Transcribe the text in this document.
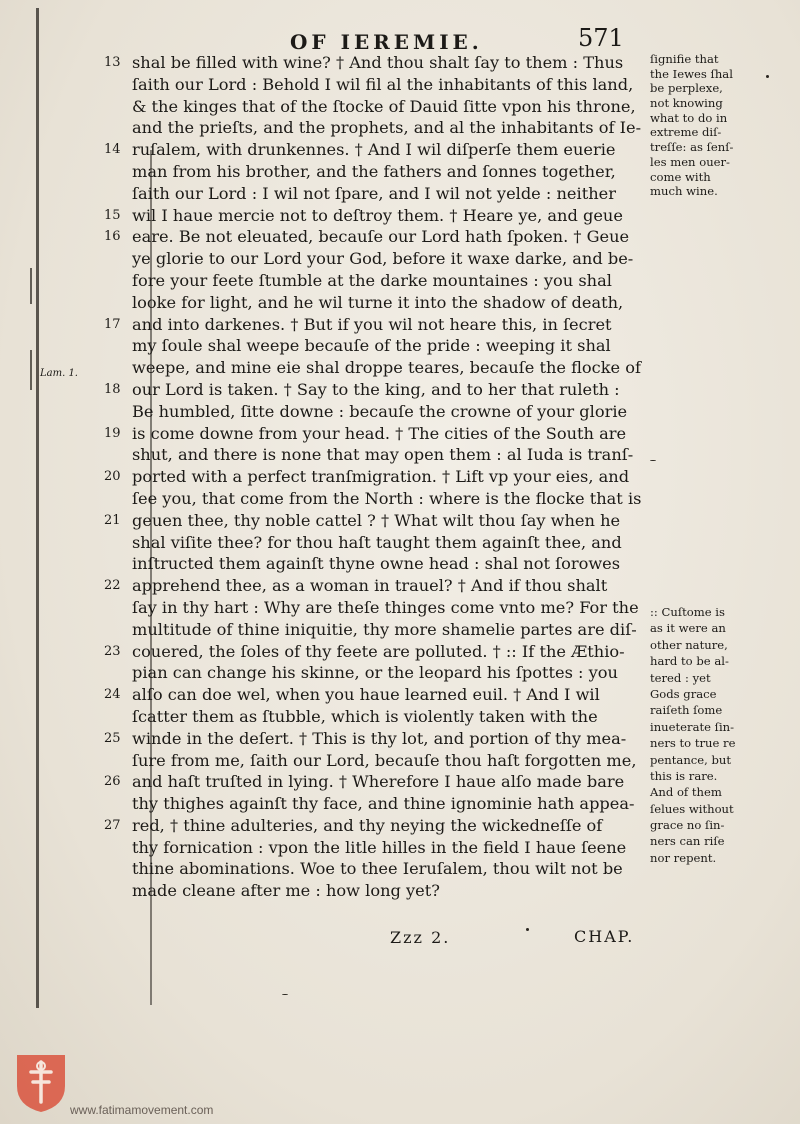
OF IEREMIE.	571
Lam. 1.
13 shal be filled with wine? † And thou shalt ſay to them : Thus
ſaith our Lord : Behold I wil fil al the inhabitants of this land,
& the kinges that of the ſtocke of Dauid ſitte vpon his throne,
and the prieſts, and the prophets, and al the inhabitants of Ie-
14 ruſalem, with drunkennes. † And I wil diſperſe them euerie
man from his brother, and the fathers and ſonnes together,
ſaith our Lord : I wil not ſpare, and I wil not yelde : neither
15 wil I haue mercie not to deſtroy them. † Heare ye, and geue
16 eare. Be not eleuated, becauſe our Lord hath ſpoken. † Geue
ye glorie to our Lord your God, before it waxe darke, and be-
fore your feete ſtumble at the darke mountaines : you shal
looke for light, and he wil turne it into the shadow of death,
17 and into darkenes. † But if you wil not heare this, in ſecret
my ſoule shal weepe becauſe of the pride : weeping it shal
weepe, and mine eie shal droppe teares, becauſe the flocke of
18 our Lord is taken. † Say to the king, and to her that ruleth :
Be humbled, ſitte downe : becauſe the crowne of your glorie
19 is come downe from your head. † The cities of the South are
shut, and there is none that may open them : al Iuda is tranſ-
20 ported with a perfect tranſmigration. † Lift vp your eies, and
ſee you, that come from the North : where is the flocke that is
21 geuen thee, thy noble cattel ? † What wilt thou ſay when he
shal viſite thee? for thou haſt taught them againſt thee, and
inſtructed them againſt thyne owne head : shal not ſorowes
22 apprehend thee, as a woman in trauel? † And if thou shalt
ſay in thy hart : Why are theſe thinges come vnto me? For the
multitude of thine iniquitie, thy more shamelie partes are diſ-
23 couered, the ſoles of thy feete are polluted. † :: If the Æthio-
pian can change his skinne, or the leopard his ſpottes : you
24 alſo can doe wel, when you haue learned euil. † And I wil
ſcatter them as ſtubble, which is violently taken with the
25 winde in the deſert. † This is thy lot, and portion of thy mea-
ſure from me, ſaith our Lord, becauſe thou haſt forgotten me,
26 and haſt truſted in lying. † Wherefore I haue alſo made bare
thy thighes againſt thy face, and thine ignominie hath appea-
27 red, † thine adulteries, and thy neying the wickedneſſe of
thy fornication : vpon the litle hilles in the field I haue ſeene
thine abominations. Woe to thee Ieruſalem, thou wilt not be
made cleane after me : how long yet?
ſignifie that
the Iewes ſhal
be perplexe,
not knowing
what to do in
extreme diſ-
treſſe: as ſenſ-
les men ouer-
come with
much wine.
:: Cuſtome is
as it were an
other nature,
hard to be al-
tered : yet
Gods grace
raiſeth ſome
inueterate ſin-
ners to true re
pentance, but
this is rare.
And of them
ſelues without
grace no ſin-
ners can riſe
nor repent.
Zzz 2.	CHAP.
www.fatimamovement.com
